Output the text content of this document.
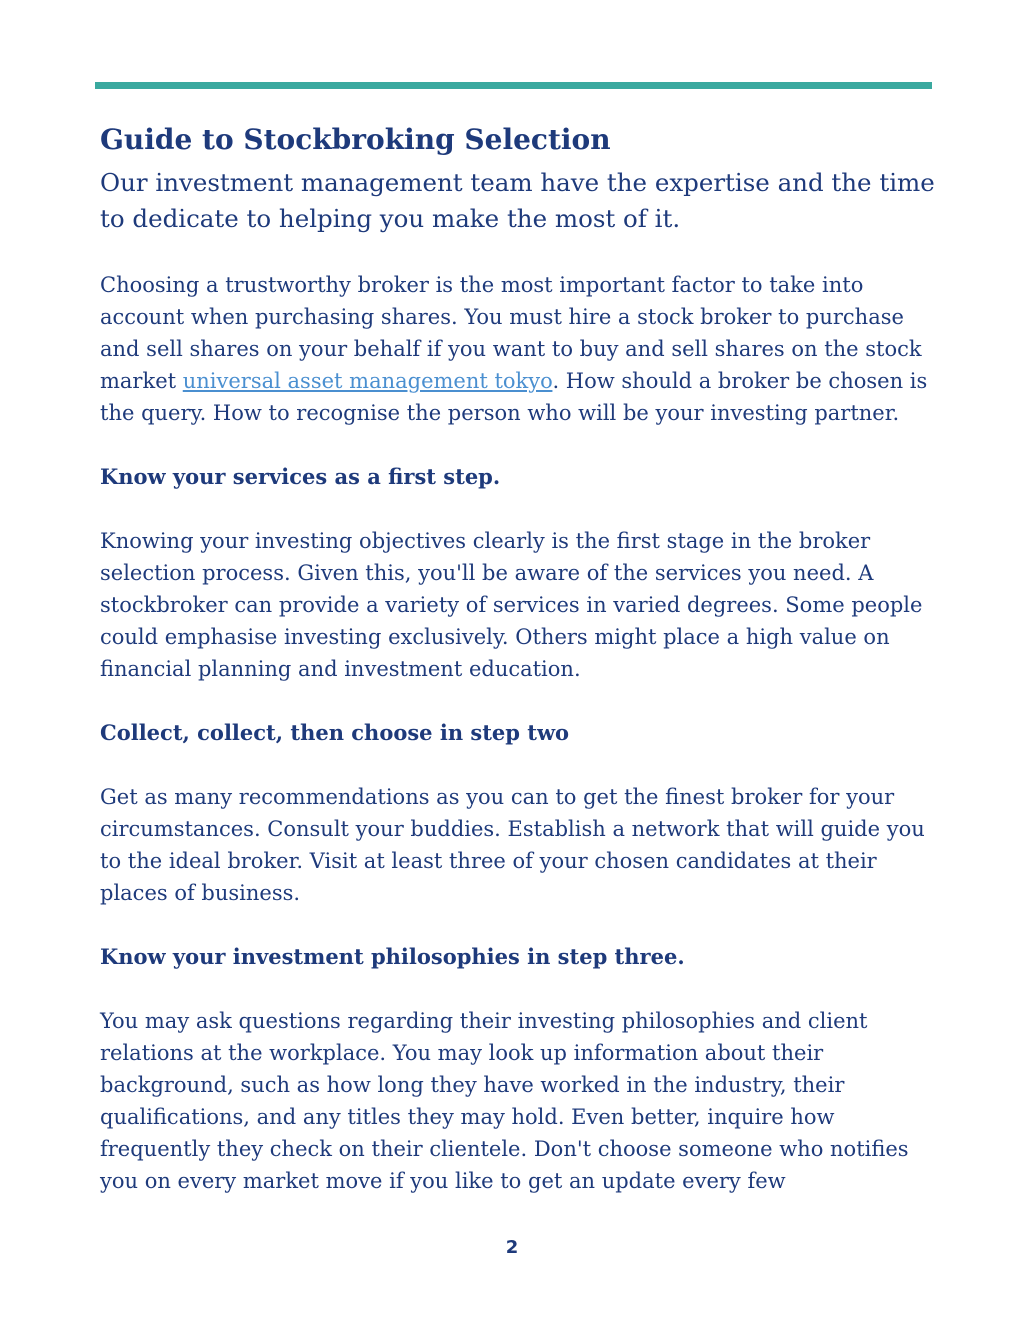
Guide to Stockbroking Selection

Our investment management team have the expertise and the time to dedicate to helping you make the most of it.

Choosing a trustworthy broker is the most important factor to take into account when purchasing shares. You must hire a stock broker to purchase and sell shares on your behalf if you want to buy and sell shares on the stock market universal asset management tokyo. How should a broker be chosen is the query. How to recognise the person who will be your investing partner.

Know your services as a first step.

Knowing your investing objectives clearly is the first stage in the broker selection process. Given this, you'll be aware of the services you need. A stockbroker can provide a variety of services in varied degrees. Some people could emphasise investing exclusively. Others might place a high value on financial planning and investment education.

Collect, collect, then choose in step two

Get as many recommendations as you can to get the finest broker for your circumstances. Consult your buddies. Establish a network that will guide you to the ideal broker. Visit at least three of your chosen candidates at their places of business.

Know your investment philosophies in step three.

You may ask questions regarding their investing philosophies and client relations at the workplace. You may look up information about their background, such as how long they have worked in the industry, their qualifications, and any titles they may hold. Even better, inquire how frequently they check on their clientele. Don't choose someone who notifies you on every market move if you like to get an update every few

2
